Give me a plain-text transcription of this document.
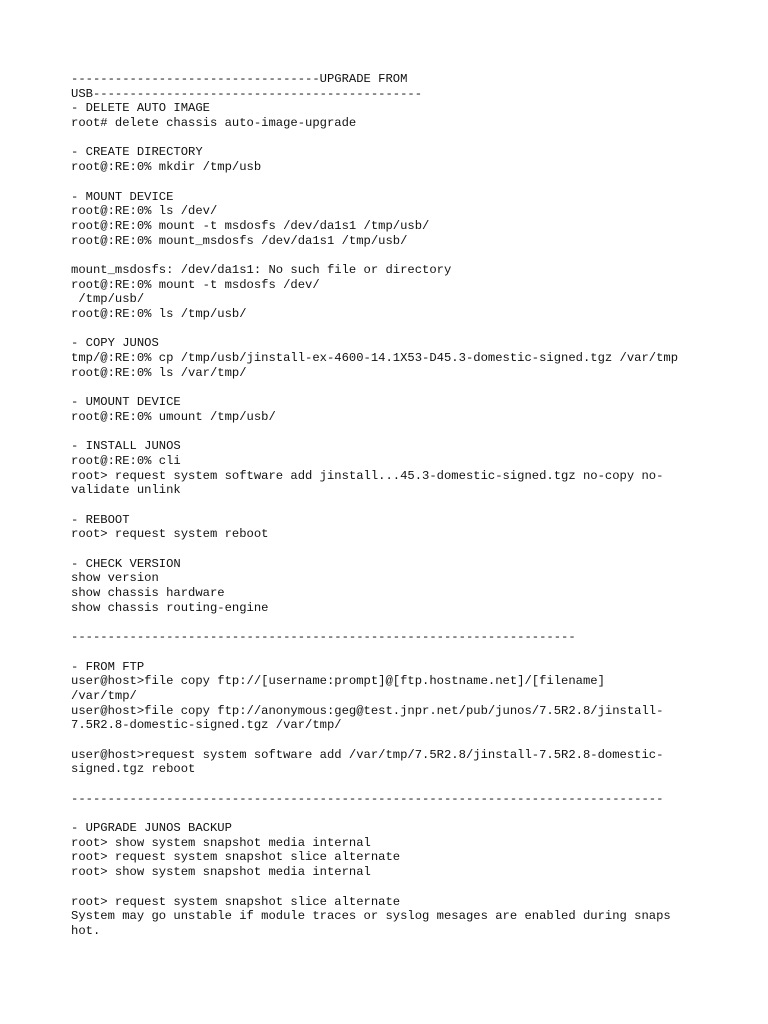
----------------------------------UPGRADE FROM
USB---------------------------------------------
- DELETE AUTO IMAGE
root# delete chassis auto-image-upgrade
- CREATE DIRECTORY
root@:RE:0% mkdir /tmp/usb
- MOUNT DEVICE
root@:RE:0% ls /dev/
root@:RE:0% mount -t msdosfs /dev/da1s1 /tmp/usb/
root@:RE:0% mount_msdosfs /dev/da1s1 /tmp/usb/
mount_msdosfs: /dev/da1s1: No such file or directory
root@:RE:0% mount -t msdosfs /dev/
/tmp/usb/
root@:RE:0% ls /tmp/usb/
- COPY JUNOS
tmp/@:RE:0% cp /tmp/usb/jinstall-ex-4600-14.1X53-D45.3-domestic-signed.tgz /var/tmp
root@:RE:0% ls /var/tmp/
- UMOUNT DEVICE
root@:RE:0% umount /tmp/usb/
- INSTALL JUNOS
root@:RE:0% cli
root> request system software add jinstall...45.3-domestic-signed.tgz no-copy no-
validate unlink
- REBOOT
root> request system reboot
- CHECK VERSION
show version
show chassis hardware
show chassis routing-engine
---------------------------------------------------------------------
- FROM FTP
user@host>file copy ftp://[username:prompt]@[ftp.hostname.net]/[filename]
/var/tmp/
user@host>file copy ftp://anonymous:geg@test.jnpr.net/pub/junos/7.5R2.8/jinstall-
7.5R2.8-domestic-signed.tgz /var/tmp/
user@host>request system software add /var/tmp/7.5R2.8/jinstall-7.5R2.8-domestic-
signed.tgz reboot
---------------------------------------------------------------------------------
- UPGRADE JUNOS BACKUP
root> show system snapshot media internal
root> request system snapshot slice alternate
root> show system snapshot media internal
root> request system snapshot slice alternate
System may go unstable if module traces or syslog mesages are enabled during snaps
hot.
